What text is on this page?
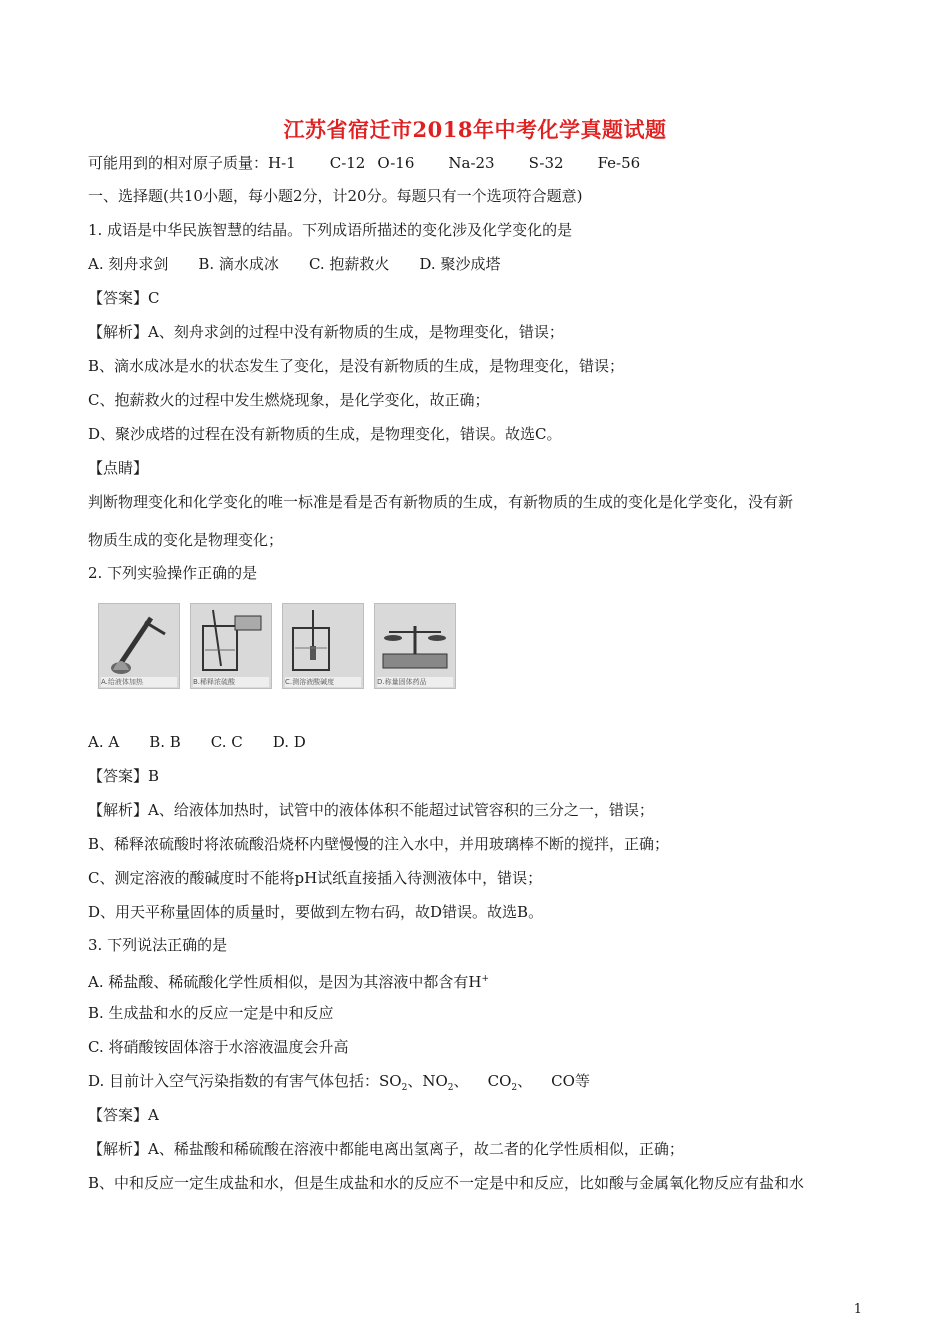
江苏省宿迁市2018年中考化学真题试题
可能用到的相对原子质量：H-1 C-12 O-16 Na-23 S-32 Fe-56
一、选择题(共10小题，每小题2分，计20分。每题只有一个选项符合题意)
1. 成语是中华民族智慧的结晶。下列成语所描述的变化涉及化学变化的是
A. 刻舟求剑 B. 滴水成冰 C. 抱薪救火 D. 聚沙成塔
【答案】C
【解析】A、刻舟求剑的过程中没有新物质的生成，是物理变化，错误；
B、滴水成冰是水的状态发生了变化，是没有新物质的生成，是物理变化，错误；
C、抱薪救火的过程中发生燃烧现象，是化学变化，故正确；
D、聚沙成塔的过程在没有新物质的生成，是物理变化，错误。故选C。
【点睛】
判断物理变化和化学变化的唯一标准是看是否有新物质的生成，有新物质的生成的变化是化学变化，没有新
物质生成的变化是物理变化；
2. 下列实验操作正确的是
A.给液体加热	B.稀释浓硫酸	C.测溶液酸碱度	D.称量固体药品
A. A B. B C. C D. D
【答案】B
【解析】A、给液体加热时，试管中的液体体积不能超过试管容积的三分之一，错误；
B、稀释浓硫酸时将浓硫酸沿烧杯内壁慢慢的注入水中，并用玻璃棒不断的搅拌，正确；
C、测定溶液的酸碱度时不能将pH试纸直接插入待测液体中，错误；
D、用天平称量固体的质量时，要做到左物右码，故D错误。故选B。
3. 下列说法正确的是
A. 稀盐酸、稀硫酸化学性质相似，是因为其溶液中都含有H+
B. 生成盐和水的反应一定是中和反应
C. 将硝酸铵固体溶于水溶液温度会升高
D. 目前计入空气污染指数的有害气体包括：$SO_2$、$NO_2$、    $CO_2$、    CO等
【答案】A
【解析】A、稀盐酸和稀硫酸在溶液中都能电离出氢离子，故二者的化学性质相似，正确；
B、中和反应一定生成盐和水，但是生成盐和水的反应不一定是中和反应，比如酸与金属氧化物反应有盐和水
1
